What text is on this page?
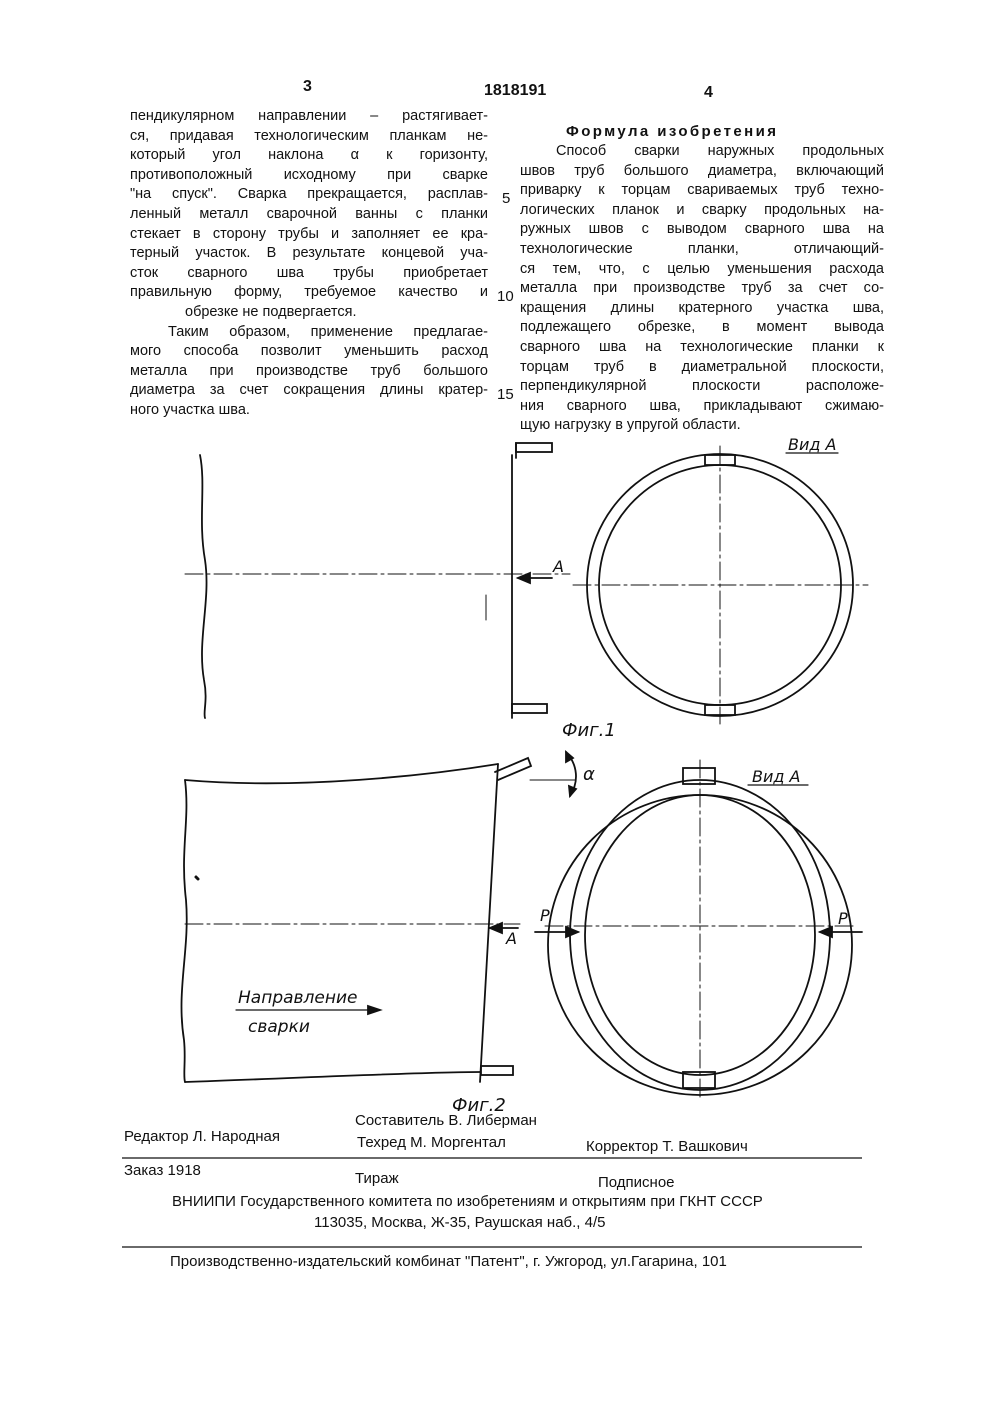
3	1818191	4
пендикулярном направлении – растягивает-
ся, придавая технологическим планкам не-
который угол наклона α к горизонту,
противоположный исходному при сварке
"на спуск". Сварка прекращается, расплав-
ленный металл сварочной ванны с планки
стекает в сторону трубы и заполняет ее кра-
терный участок. В результате концевой уча-
сток сварного шва трубы приобретает
правильную форму, требуемое качество и
обрезке не подвергается.
Таким образом, применение предлагае-
мого способа позволит уменьшить расход
металла при производстве труб большого
диаметра за счет сокращения длины кратер-
ного участка шва.
5
10
15
Формула изобретения
Способ сварки наружных продольных
швов труб большого диаметра, включающий
приварку к торцам свариваемых труб техно-
логических планок и сварку продольных на-
ружных швов с выводом сварного шва на
технологические планки, отличающий-
ся тем, что, с целью уменьшения расхода
металла при производстве труб за счет со-
кращения длины кратерного участка шва,
подлежащего обрезке, в момент вывода
сварного шва на технологические планки к
торцам труб в диаметральной плоскости,
перпендикулярной плоскости расположе-
ния сварного шва, прикладывают сжимаю-
щую нагрузку в упругой области.
Вид А
A
Фиг.1
α	Вид А
A
P	P
Направление
сварки
Фиг.2
Редактор Л. Народная
Составитель В. Либерман
Техред М. Моргентал	Корректор Т. Вашкович
Заказ 1918	Тираж	Подписное
ВНИИПИ Государственного комитета по изобретениям и открытиям при ГКНТ СССР
113035, Москва, Ж-35, Раушская наб., 4/5
Производственно-издательский комбинат "Патент", г. Ужгород, ул.Гагарина, 101
